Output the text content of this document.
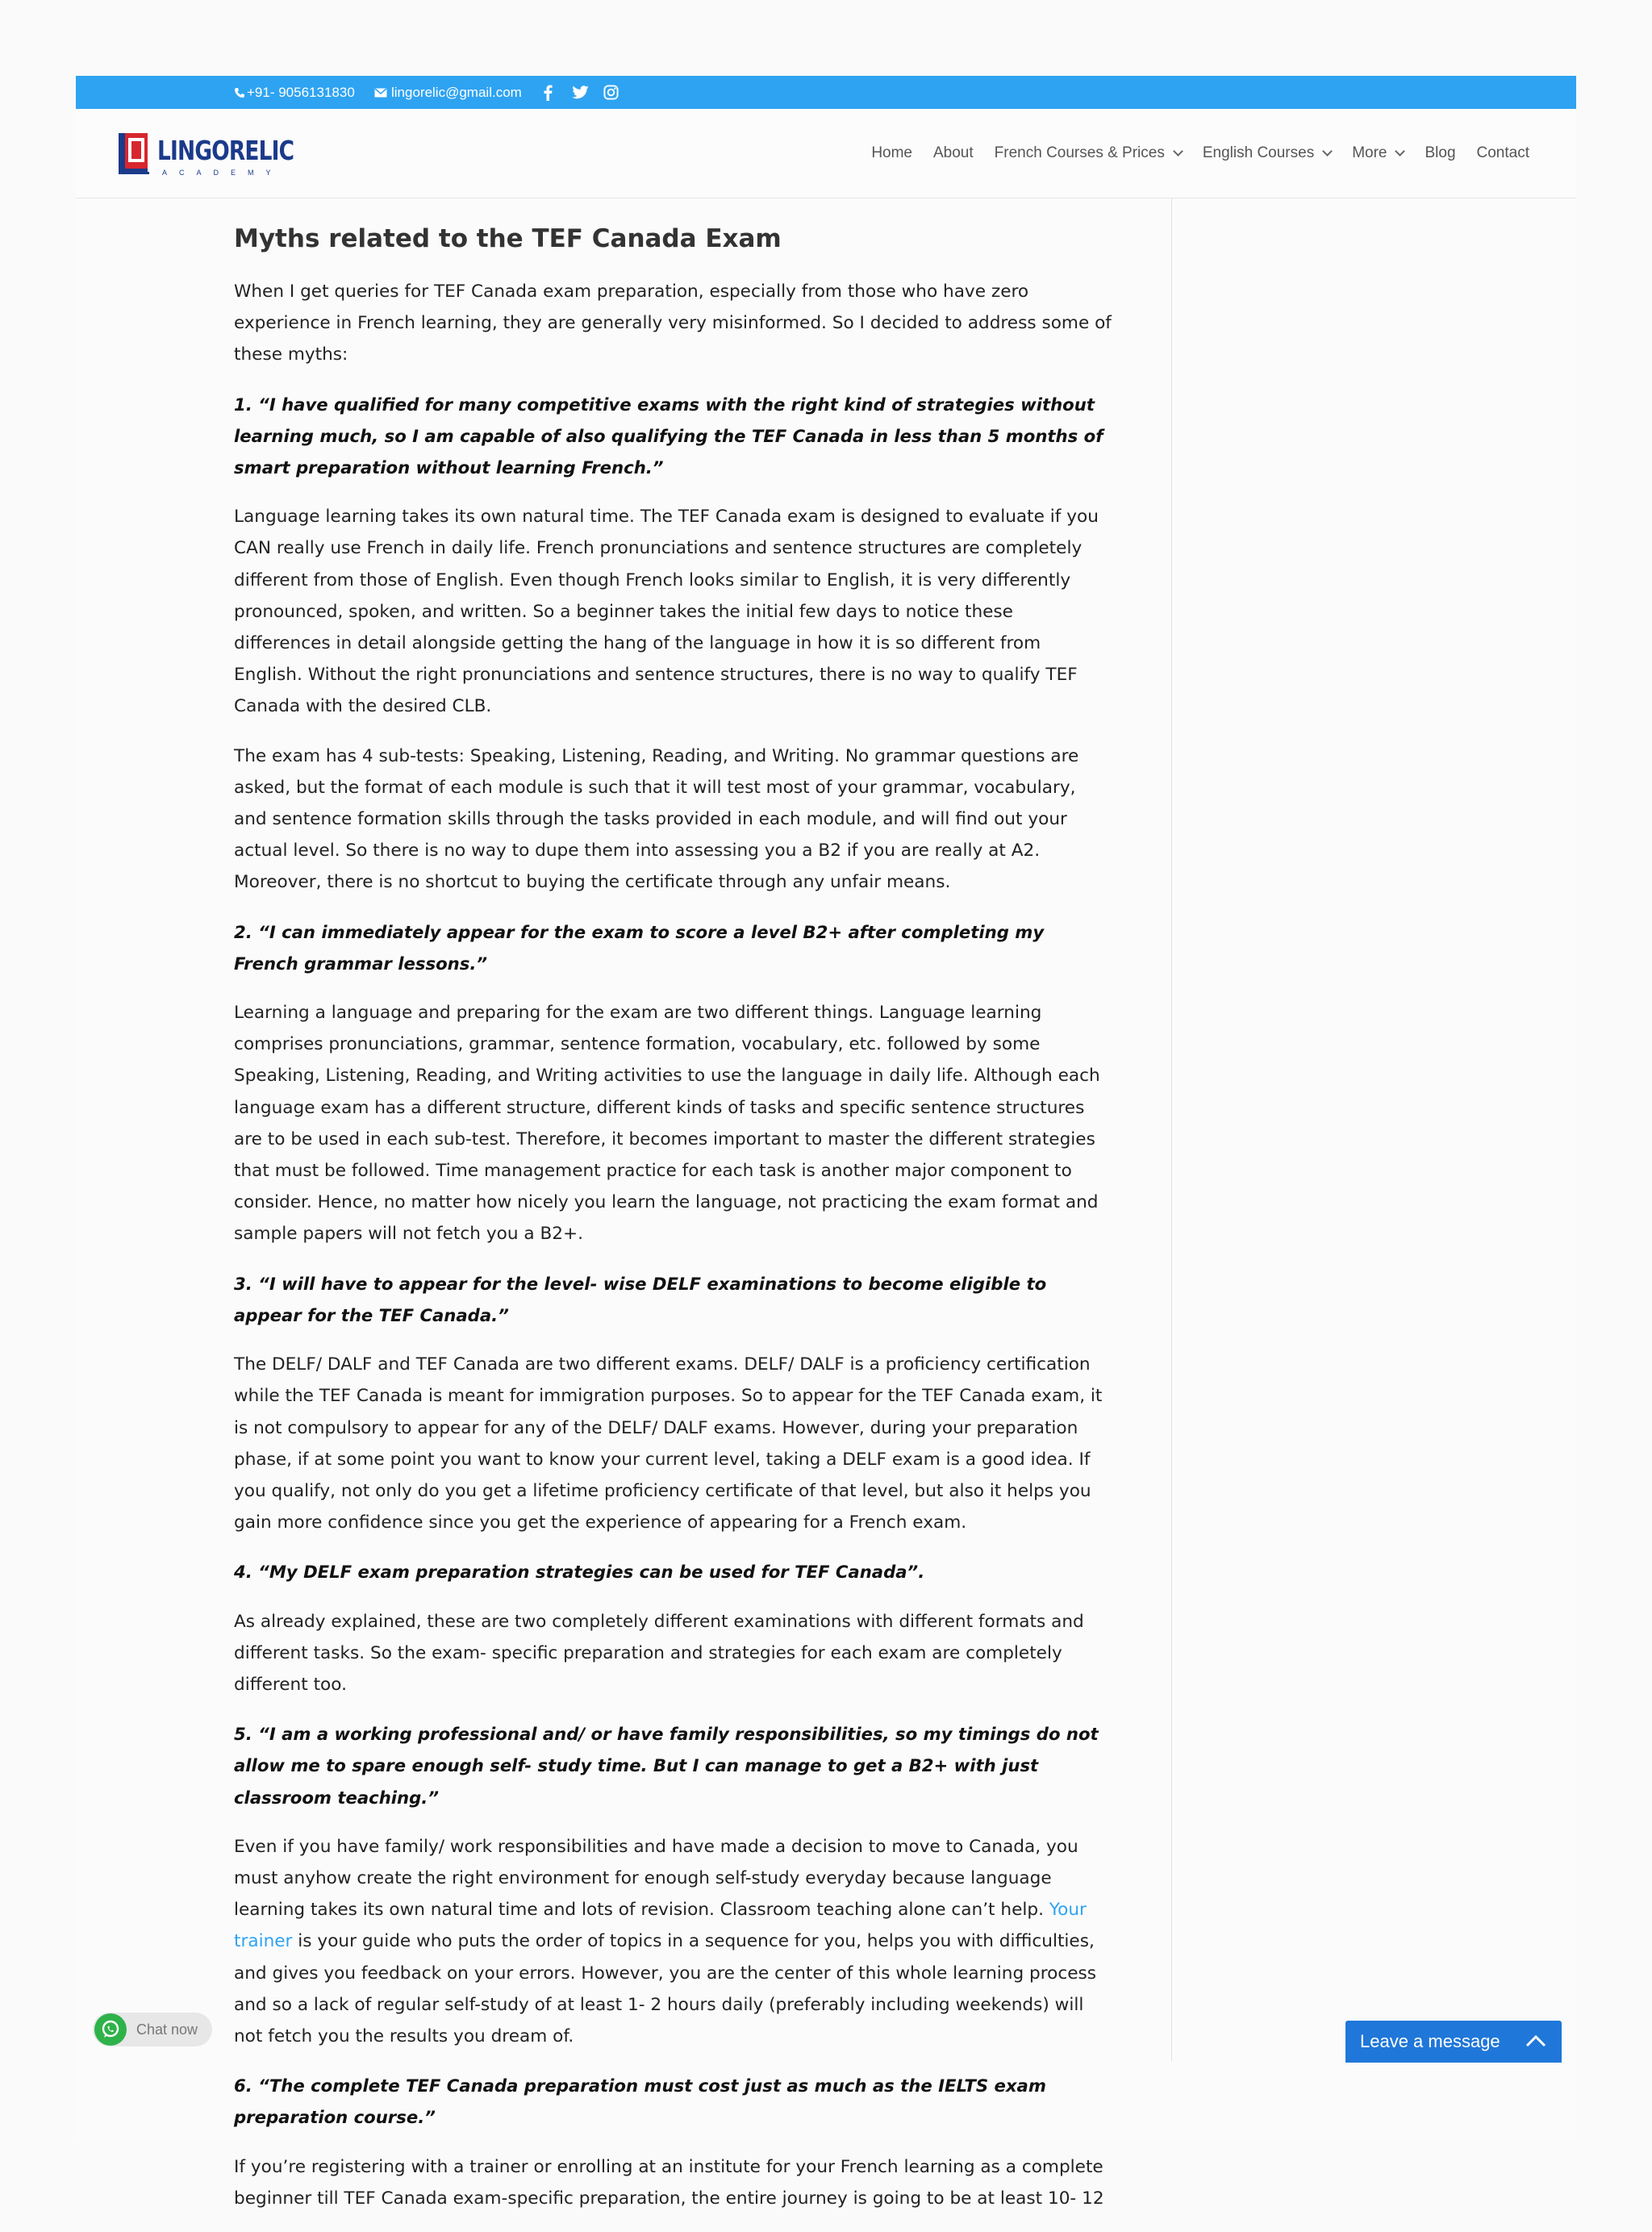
+91- 9056131830	lingorelic@gmail.com
LINGORELIC
ACADEMY
Home About French Courses & Prices English Courses More Blog Contact
Myths related to the TEF Canada Exam

When I get queries for TEF Canada exam preparation, especially from those who have zero experience in French learning, they are generally very misinformed. So I decided to address some of these myths:

1. “I have qualified for many competitive exams with the right kind of strategies without learning much, so I am capable of also qualifying the TEF Canada in less than 5 months of smart preparation without learning French.”

Language learning takes its own natural time. The TEF Canada exam is designed to evaluate if you CAN really use French in daily life. French pronunciations and sentence structures are completely different from those of English. Even though French looks similar to English, it is very differently pronounced, spoken, and written. So a beginner takes the initial few days to notice these differences in detail alongside getting the hang of the language in how it is so different from English. Without the right pronunciations and sentence structures, there is no way to qualify TEF Canada with the desired CLB.

The exam has 4 sub-tests: Speaking, Listening, Reading, and Writing. No grammar questions are asked, but the format of each module is such that it will test most of your grammar, vocabulary, and sentence formation skills through the tasks provided in each module, and will find out your actual level. So there is no way to dupe them into assessing you a B2 if you are really at A2. Moreover, there is no shortcut to buying the certificate through any unfair means.

2. “I can immediately appear for the exam to score a level B2+ after completing my French grammar lessons.”

Learning a language and preparing for the exam are two different things. Language learning comprises pronunciations, grammar, sentence formation, vocabulary, etc. followed by some Speaking, Listening, Reading, and Writing activities to use the language in daily life. Although each language exam has a different structure, different kinds of tasks and specific sentence structures are to be used in each sub-test. Therefore, it becomes important to master the different strategies that must be followed. Time management practice for each task is another major component to consider. Hence, no matter how nicely you learn the language, not practicing the exam format and sample papers will not fetch you a B2+.

3. “I will have to appear for the level- wise DELF examinations to become eligible to appear for the TEF Canada.”

The DELF/ DALF and TEF Canada are two different exams. DELF/ DALF is a proficiency certification while the TEF Canada is meant for immigration purposes. So to appear for the TEF Canada exam, it is not compulsory to appear for any of the DELF/ DALF exams. However, during your preparation phase, if at some point you want to know your current level, taking a DELF exam is a good idea. If you qualify, not only do you get a lifetime proficiency certificate of that level, but also it helps you gain more confidence since you get the experience of appearing for a French exam.

4. “My DELF exam preparation strategies can be used for TEF Canada”.

As already explained, these are two completely different examinations with different formats and different tasks. So the exam- specific preparation and strategies for each exam are completely different too.

5. “I am a working professional and/ or have family responsibilities, so my timings do not allow me to spare enough self- study time. But I can manage to get a B2+ with just classroom teaching.”

Even if you have family/ work responsibilities and have made a decision to move to Canada, you must anyhow create the right environment for enough self-study everyday because language learning takes its own natural time and lots of revision. Classroom teaching alone can’t help. Your trainer is your guide who puts the order of topics in a sequence for you, helps you with difficulties, and gives you feedback on your errors. However, you are the center of this whole learning process and so a lack of regular self-study of at least 1- 2 hours daily (preferably including weekends) will not fetch you the results you dream of.

6. “The complete TEF Canada preparation must cost just as much as the IELTS exam preparation course.”

If you’re registering with a trainer or enrolling at an institute for your French learning as a complete beginner till TEF Canada exam-specific preparation, the entire journey is going to be at least 10- 12

Chat now
Leave a message
